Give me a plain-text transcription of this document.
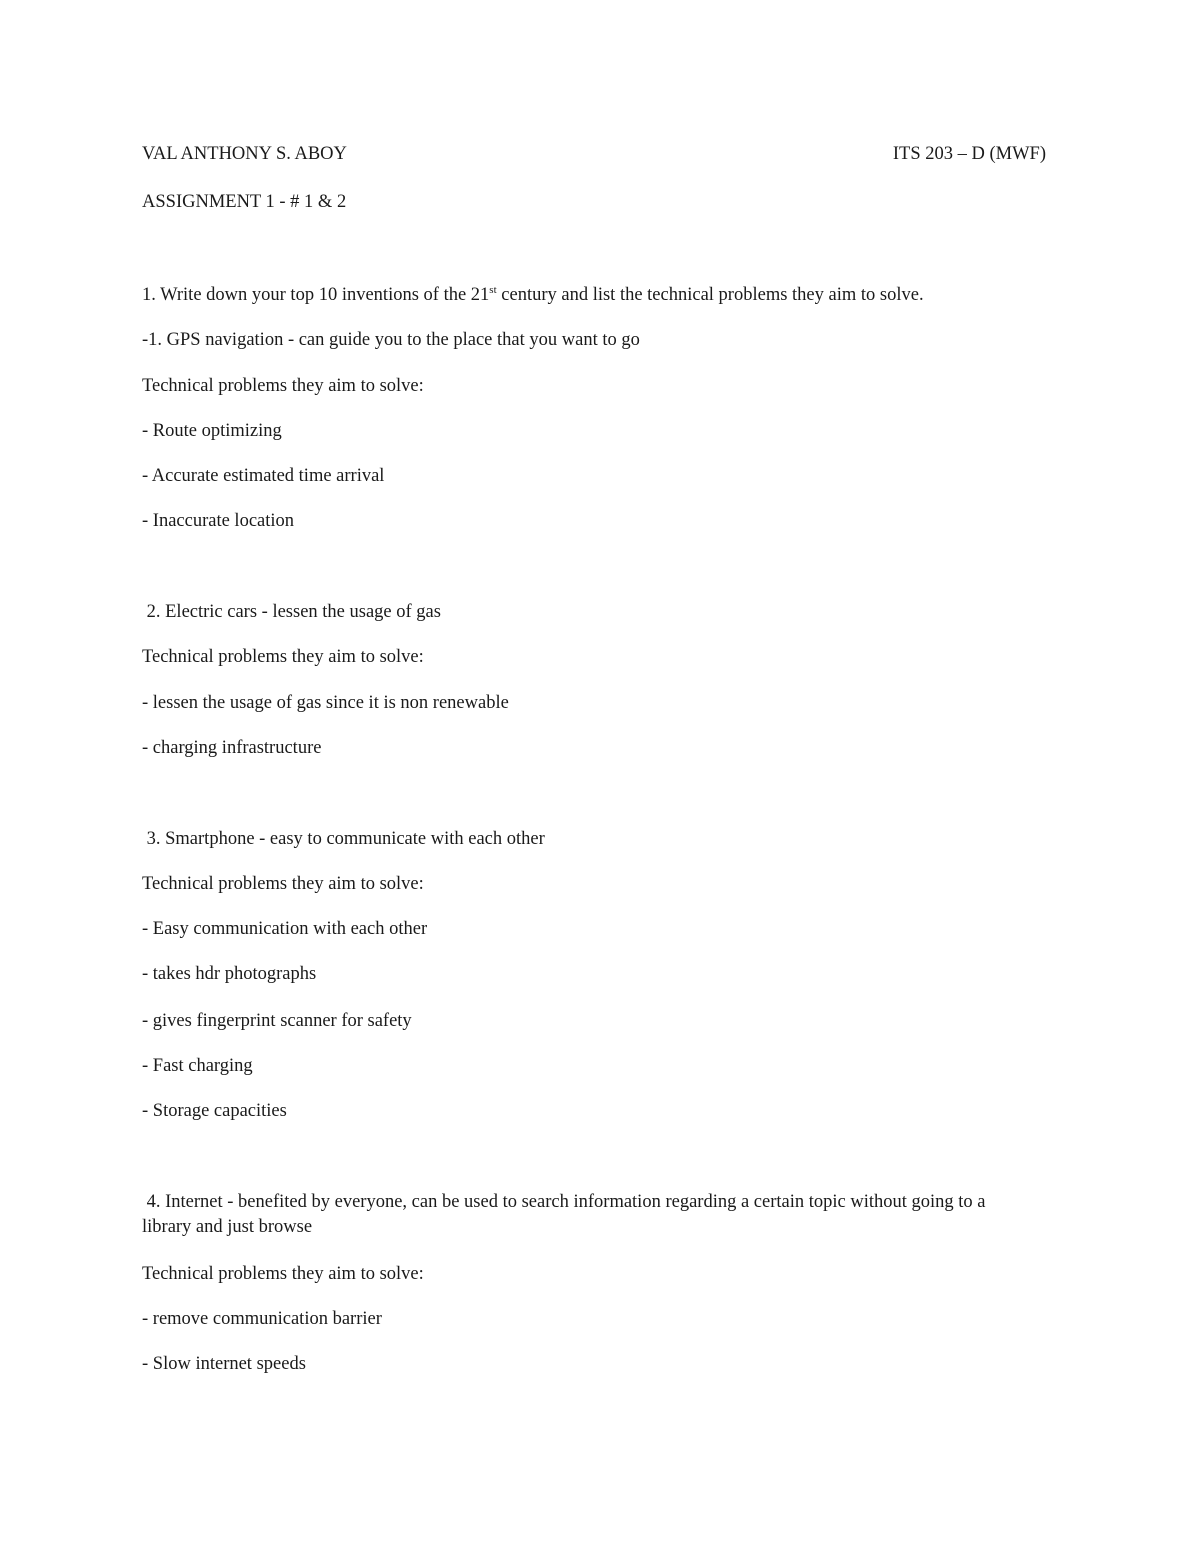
VAL ANTHONY S. ABOY	ITS 203 – D (MWF)
ASSIGNMENT 1 - # 1 & 2
1. Write down your top 10 inventions of the 21st century and list the technical problems they aim to solve.
-1. GPS navigation - can guide you to the place that you want to go
Technical problems they aim to solve:
- Route optimizing
- Accurate estimated time arrival
- Inaccurate location
2. Electric cars - lessen the usage of gas
Technical problems they aim to solve:
- lessen the usage of gas since it is non renewable
- charging infrastructure
3. Smartphone - easy to communicate with each other
Technical problems they aim to solve:
- Easy communication with each other
- takes hdr photographs
- gives fingerprint scanner for safety
- Fast charging
- Storage capacities
4. Internet - benefited by everyone, can be used to search information regarding a certain topic without going to a
library and just browse
Technical problems they aim to solve:
- remove communication barrier
- Slow internet speeds
